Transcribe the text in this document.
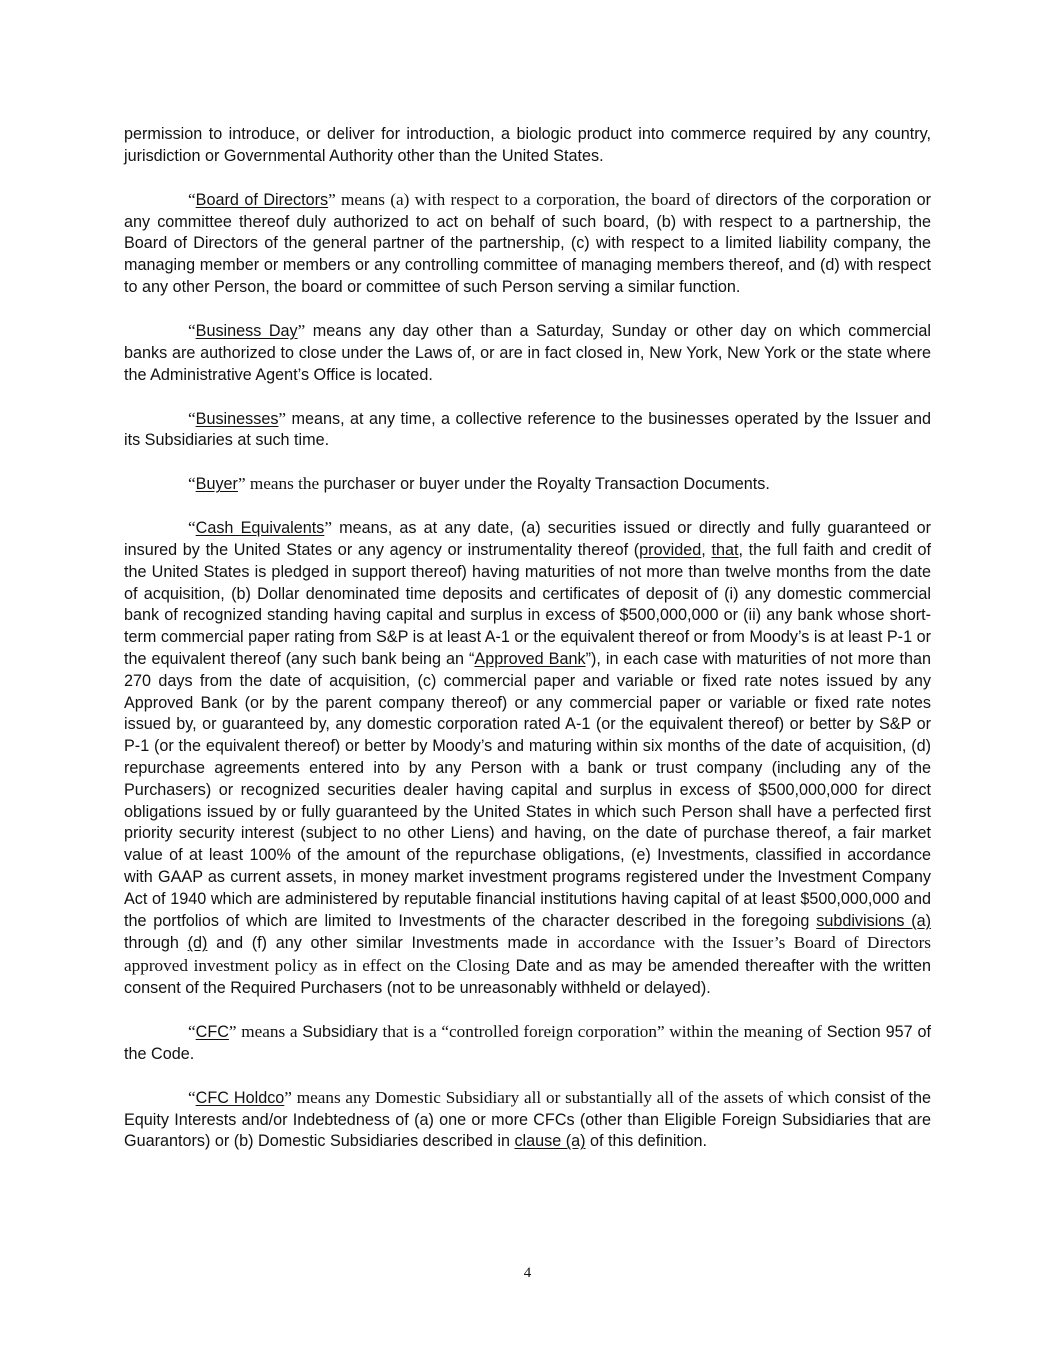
permission to introduce, or deliver for introduction, a biologic product into commerce required by any country, jurisdiction or Governmental Authority other than the United States.

“Board of Directors” means (a) with respect to a corporation, the board of directors of the corporation or any committee thereof duly authorized to act on behalf of such board, (b) with respect to a partnership, the Board of Directors of the general partner of the partnership, (c) with respect to a limited liability company, the managing member or members or any controlling committee of managing members thereof, and (d) with respect to any other Person, the board or committee of such Person serving a similar function.

“Business Day” means any day other than a Saturday, Sunday or other day on which commercial banks are authorized to close under the Laws of, or are in fact closed in, New York, New York or the state where the Administrative Agent’s Office is located.

“Businesses” means, at any time, a collective reference to the businesses operated by the Issuer and its Subsidiaries at such time.

“Buyer” means the purchaser or buyer under the Royalty Transaction Documents.

“Cash Equivalents” means, as at any date, (a) securities issued or directly and fully guaranteed or insured by the United States or any agency or instrumentality thereof (provided, that, the full faith and credit of the United States is pledged in support thereof) having maturities of not more than twelve months from the date of acquisition, (b) Dollar denominated time deposits and certificates of deposit of (i) any domestic commercial bank of recognized standing having capital and surplus in excess of $500,000,000 or (ii) any bank whose short-term commercial paper rating from S&P is at least A-1 or the equivalent thereof or from Moody’s is at least P-1 or the equivalent thereof (any such bank being an “Approved Bank”), in each case with maturities of not more than 270 days from the date of acquisition, (c) commercial paper and variable or fixed rate notes issued by any Approved Bank (or by the parent company thereof) or any commercial paper or variable or fixed rate notes issued by, or guaranteed by, any domestic corporation rated A-1 (or the equivalent thereof) or better by S&P or P-1 (or the equivalent thereof) or better by Moody’s and maturing within six months of the date of acquisition, (d) repurchase agreements entered into by any Person with a bank or trust company (including any of the Purchasers) or recognized securities dealer having capital and surplus in excess of $500,000,000 for direct obligations issued by or fully guaranteed by the United States in which such Person shall have a perfected first priority security interest (subject to no other Liens) and having, on the date of purchase thereof, a fair market value of at least 100% of the amount of the repurchase obligations, (e) Investments, classified in accordance with GAAP as current assets, in money market investment programs registered under the Investment Company Act of 1940 which are administered by reputable financial institutions having capital of at least $500,000,000 and the portfolios of which are limited to Investments of the character described in the foregoing subdivisions (a) through (d) and (f) any other similar Investments made in accordance with the Issuer’s Board of Directors approved investment policy as in effect on the Closing Date and as may be amended thereafter with the written consent of the Required Purchasers (not to be unreasonably withheld or delayed).

“CFC” means a Subsidiary that is a “controlled foreign corporation” within the meaning of Section 957 of the Code.

“CFC Holdco” means any Domestic Subsidiary all or substantially all of the assets of which consist of the Equity Interests and/or Indebtedness of (a) one or more CFCs (other than Eligible Foreign Subsidiaries that are Guarantors) or (b) Domestic Subsidiaries described in clause (a) of this definition.

4
